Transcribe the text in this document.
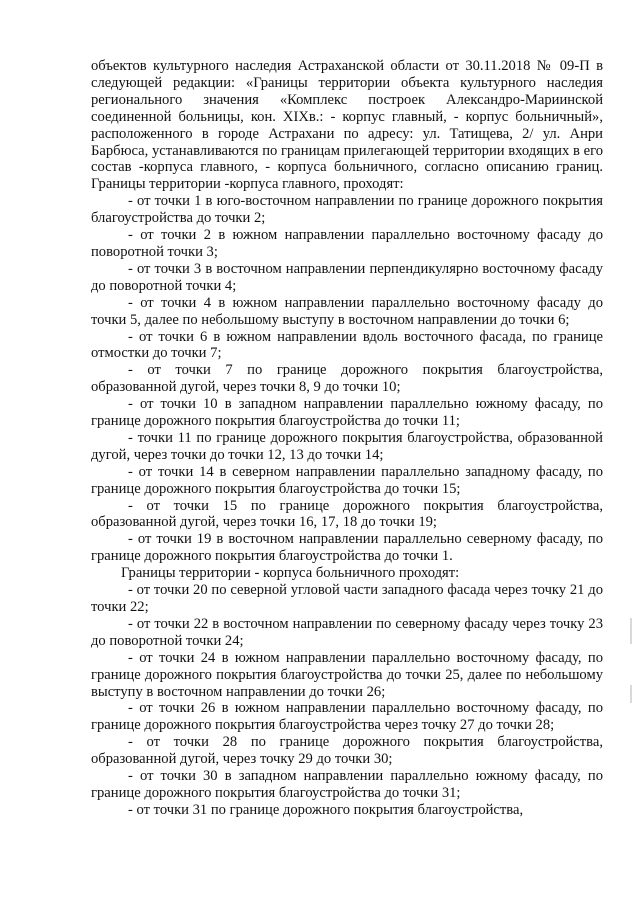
объектов культурного наследия Астраханской области от 30.11.2018 № 09-П в следующей редакции: «Границы территории объекта культурного наследия регионального значения «Комплекс построек Александро-Мариинской соединенной больницы, кон. XIXв.: - корпус главный, - корпус больничный», расположенного в городе Астрахани по адресу: ул. Татищева, 2/ ул. Анри Барбюса, устанавливаются по границам прилегающей территории входящих в его состав -корпуса главного, - корпуса больничного, согласно описанию границ. Границы территории -корпуса главного, проходят:

- от точки 1 в юго-восточном направлении по границе дорожного покрытия благоустройства до точки 2;

- от точки 2 в южном направлении параллельно восточному фасаду до поворотной точки 3;

- от точки 3 в восточном направлении перпендикулярно восточному фасаду до поворотной точки 4;

- от точки 4 в южном направлении параллельно восточному фасаду до точки 5, далее по небольшому выступу в восточном направлении до точки 6;

- от точки 6 в южном направлении вдоль восточного фасада, по границе отмостки до точки 7;

- от точки 7 по границе дорожного покрытия благоустройства, образованной дугой, через точки 8, 9 до точки 10;

- от точки 10 в западном направлении параллельно южному фасаду, по границе дорожного покрытия благоустройства до точки 11;

- точки 11 по границе дорожного покрытия благоустройства, образованной дугой, через точки до точки 12, 13 до точки 14;

- от точки 14 в северном направлении параллельно западному фасаду, по границе дорожного покрытия благоустройства до точки 15;

- от точки 15 по границе дорожного покрытия благоустройства, образованной дугой, через точки 16, 17, 18 до точки 19;

- от точки 19 в восточном направлении параллельно северному фасаду, по границе дорожного покрытия благоустройства до точки 1.

Границы территории - корпуса больничного проходят:

- от точки 20 по северной угловой части западного фасада через точку 21 до точки 22;

- от точки 22 в восточном направлении по северному фасаду через точку 23 до поворотной точки 24;

- от точки 24 в южном направлении параллельно восточному фасаду, по границе дорожного покрытия благоустройства до точки 25, далее по небольшому выступу в восточном направлении до точки 26;

- от точки 26 в южном направлении параллельно восточному фасаду, по границе дорожного покрытия благоустройства через точку 27 до точки 28;

- от точки 28 по границе дорожного покрытия благоустройства, образованной дугой, через точку 29 до точки 30;

- от точки 30 в западном направлении параллельно южному фасаду, по границе дорожного покрытия благоустройства до точки 31;

- от точки 31 по границе дорожного покрытия благоустройства,
